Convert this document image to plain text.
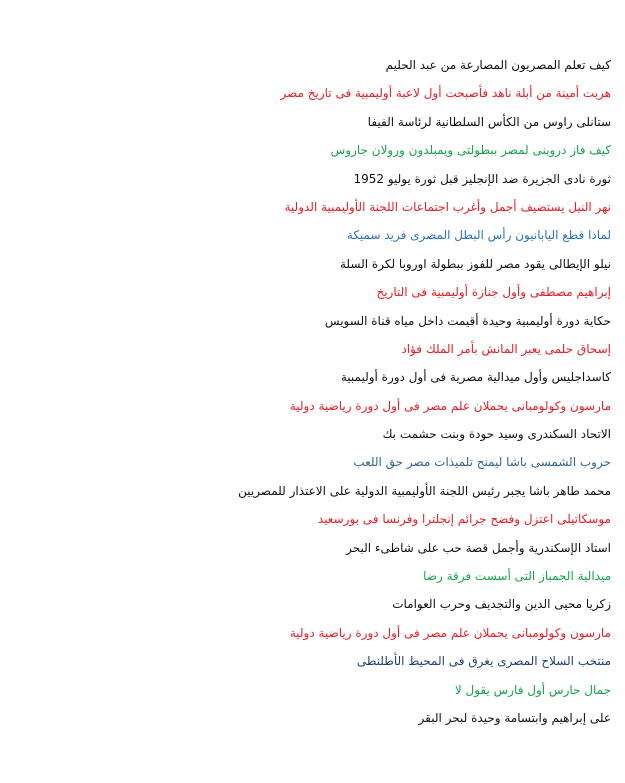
كيف تعلم المصريون المصارعة من عبد الحليم
هربت أمينة من أبلة ناهد فأصبحت أول لاعبة أوليمبية فى تاريخ مصر
ستانلى راوس من الكأس السلطانية لرئاسة الفيفا
كيف فاز دروبنى لمصر ببطولتى ويمبلدون ورولان جاروس
ثورة نادى الجزيرة ضد الإنجليز قبل ثورة يوليو 1952
نهر النيل يستضيف أجمل وأغرب اجتماعات اللجنة الأوليمبية الدولية
لماذا قطع اليابانيون رأس البطل المصرى فريد سميكة
نيلو الإيطالى يقود مصر للفوز ببطولة اوروبا لكرة السلة
إبراهيم مصطفى وأول جنازة أوليمبية فى التاريخ
حكاية دورة أوليمبية وحيدة أقيمت داخل مياه قناة السويس
إسحاق حلمى يعبر المانش بأمر الملك فؤاد
كاسداجليس وأول ميدالية مصرية فى أول دورة أوليمبية
مارسون وكولومبانى يحملان علم مصر فى أول دورة رياضية دولية
الاتحاد السكندرى وسيد حودة وبنت حشمت بك
حروب الشمسى باشا ليمنح تلميذات مصر حق اللعب
محمد طاهر باشا يجبر رئيس اللجنة الأوليمبية الدولية على الاعتذار للمصريين
موسكاتيلى اعتزل وفضح جرائم إنجلترا وفرنسا فى بورسعيد
استاد الإسكندرية وأجمل قصة حب على شاطىء البحر
ميدالية الجمباز التى أسست فرقة رضا
زكريا محيى الدين والتجديف وحرب العوامات
مارسون وكولومبانى يحملان علم مصر فى أول دورة رياضية دولية
منتخب السلاح المصرى يغرق فى المحيط الأطلنطى
جمال حارس أول فارس يقول لا
على إبراهيم وابتسامة وحيدة لبحر البقر
